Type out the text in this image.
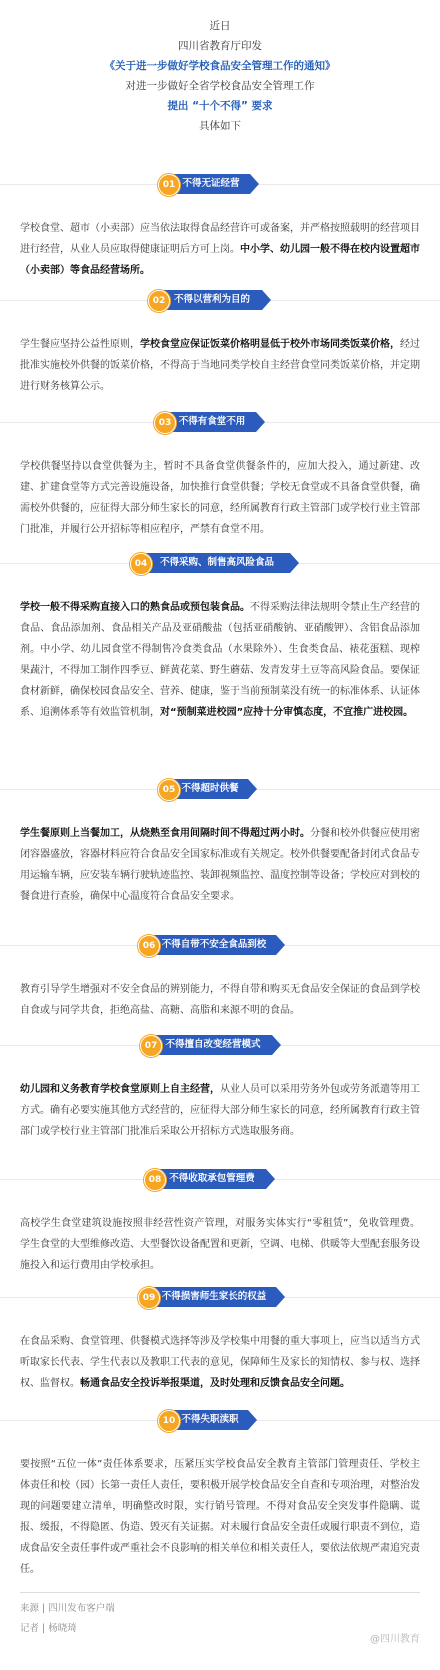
近日
四川省教育厅印发
《关于进一步做好学校食品安全管理工作的通知》
对进一步做好全省学校食品安全管理工作
提出 “十个不得” 要求
具体如下
01 不得无证经营
学校食堂、超市（小卖部）应当依法取得食品经营许可或备案，并严格按照载明的经营项目进行经营，从业人员应取得健康证明后方可上岗。中小学、幼儿园一般不得在校内设置超市（小卖部）等食品经营场所。
02 不得以营利为目的
学生餐应坚持公益性原则，学校食堂应保证饭菜价格明显低于校外市场同类饭菜价格，经过批准实施校外供餐的饭菜价格，不得高于当地同类学校自主经营食堂同类饭菜价格，并定期进行财务核算公示。
03 不得有食堂不用
学校供餐坚持以食堂供餐为主，暂时不具备食堂供餐条件的，应加大投入，通过新建、改建、扩建食堂等方式完善设施设备，加快推行食堂供餐；学校无食堂或不具备食堂供餐，确需校外供餐的，应征得大部分师生家长的同意，经所属教育行政主管部门或学校行业主管部门批准，并履行公开招标等相应程序，严禁有食堂不用。
04	不得采购、制售高风险食品
学校一般不得采购直接入口的熟食品或预包装食品。不得采购法律法规明令禁止生产经营的食品、食品添加剂、食品相关产品及亚硝酸盐（包括亚硝酸钠、亚硝酸钾）、含铝食品添加剂。中小学、幼儿园食堂不得制售冷食类食品（水果除外）、生食类食品、裱花蛋糕、现榨果蔬汁，不得加工制作四季豆、鲜黄花菜、野生蘑菇、发青发芽土豆等高风险食品。要保证食材新鲜，确保校园食品安全、营养、健康，鉴于当前预制菜没有统一的标准体系、认证体系、追溯体系等有效监管机制，对“预制菜进校园”应持十分审慎态度，不宜推广进校园。
05 不得超时供餐
学生餐原则上当餐加工，从烧熟至食用间隔时间不得超过两小时。分餐和校外供餐应使用密闭容器盛放，容器材料应符合食品安全国家标准或有关规定。校外供餐要配备封闭式食品专用运输车辆，应安装车辆行驶轨迹监控、装卸视频监控、温度控制等设备；学校应对到校的餐食进行查验，确保中心温度符合食品安全要求。
06 不得自带不安全食品到校
教育引导学生增强对不安全食品的辨别能力，不得自带和购买无食品安全保证的食品到学校自食或与同学共食，拒绝高盐、高糖、高脂和来源不明的食品。
07 不得擅自改变经营模式
幼儿园和义务教育学校食堂原则上自主经营，从业人员可以采用劳务外包或劳务派遣等用工方式。确有必要实施其他方式经营的，应征得大部分师生家长的同意，经所属教育行政主管部门或学校行业主管部门批准后采取公开招标方式选取服务商。
08 不得收取承包管理费
高校学生食堂建筑设施按照非经营性资产管理，对服务实体实行“零租赁”，免收管理费。学生食堂的大型维修改造、大型餐饮设备配置和更新，空调、电梯、供暖等大型配套服务设施投入和运行费用由学校承担。
09 不得损害师生家长的权益
在食品采购、食堂管理、供餐模式选择等涉及学校集中用餐的重大事项上，应当以适当方式听取家长代表、学生代表以及教职工代表的意见，保障师生及家长的知情权、参与权、选择权、监督权。畅通食品安全投诉举报渠道，及时处理和反馈食品安全问题。
10 不得失职渎职
要按照“五位一体”责任体系要求，压紧压实学校食品安全教育主管部门管理责任、学校主体责任和校（园）长第一责任人责任，要积极开展学校食品安全自查和专项治理，对整治发现的问题要建立清单，明确整改时限，实行销号管理。不得对食品安全突发事件隐瞒、谎报、缓报，不得隐匿、伪造、毁灭有关证据。对未履行食品安全责任或履行职责不到位，造成食品安全责任事件或严重社会不良影响的相关单位和相关责任人，要依法依规严肃追究责任。
来源 | 四川发布客户端
记者 | 杨晓琦
@四川教育
